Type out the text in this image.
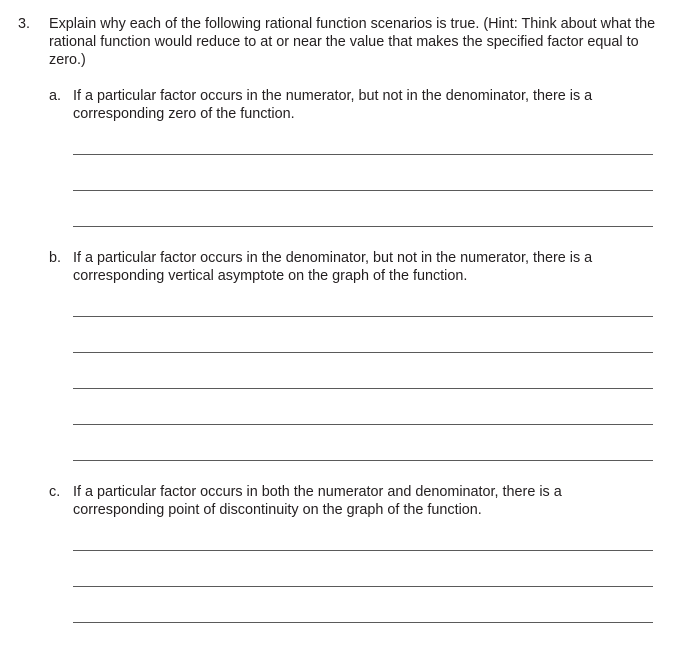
3. Explain why each of the following rational function scenarios is true. (Hint: Think about what the rational function would reduce to at or near the value that makes the specified factor equal to zero.)
a. If a particular factor occurs in the numerator, but not in the denominator, there is a corresponding zero of the function.
b. If a particular factor occurs in the denominator, but not in the numerator, there is a corresponding vertical asymptote on the graph of the function.
c. If a particular factor occurs in both the numerator and denominator, there is a corresponding point of discontinuity on the graph of the function.
